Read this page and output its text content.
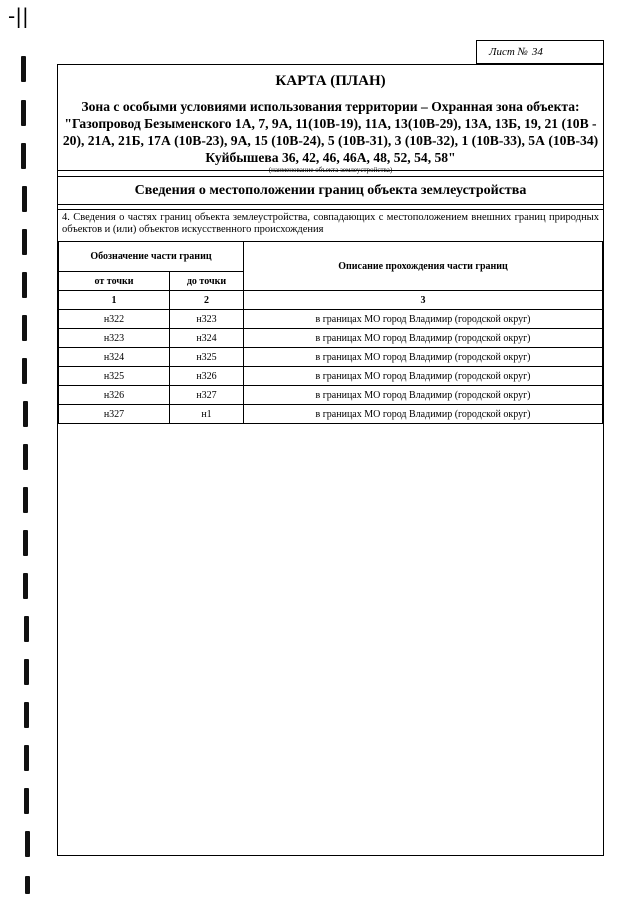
-||
Лист № 34
КАРТА (ПЛАН)
Зона с особыми условиями использования территории – Охранная зона объекта: "Газопровод Безыменского 1А, 7, 9А, 11(10В-19), 11А, 13(10В-29), 13А, 13Б, 19, 21 (10В - 20), 21А, 21Б, 17А (10В-23), 9А, 15 (10В-24), 5 (10В-31), 3 (10В-32), 1 (10В-33), 5А (10В-34) Куйбышева 36, 42, 46, 46А, 48, 52, 54, 58"
(наименование объекта землеустройства)
Сведения о местоположении границ объекта землеустройства
4. Сведения о частях границ объекта землеустройства, совпадающих с местоположением внешних границ природных объектов и (или) объектов искусственного происхождения
Обозначение части границ		Описание прохождения части границ
от точки	до точки	
1	2	3
н322	н323	в границах МО город Владимир (городской округ)
н323	н324	в границах МО город Владимир (городской округ)
н324	н325	в границах МО город Владимир (городской округ)
н325	н326	в границах МО город Владимир (городской округ)
н326	н327	в границах МО город Владимир (городской округ)
н327	н1	в границах МО город Владимир (городской округ)
